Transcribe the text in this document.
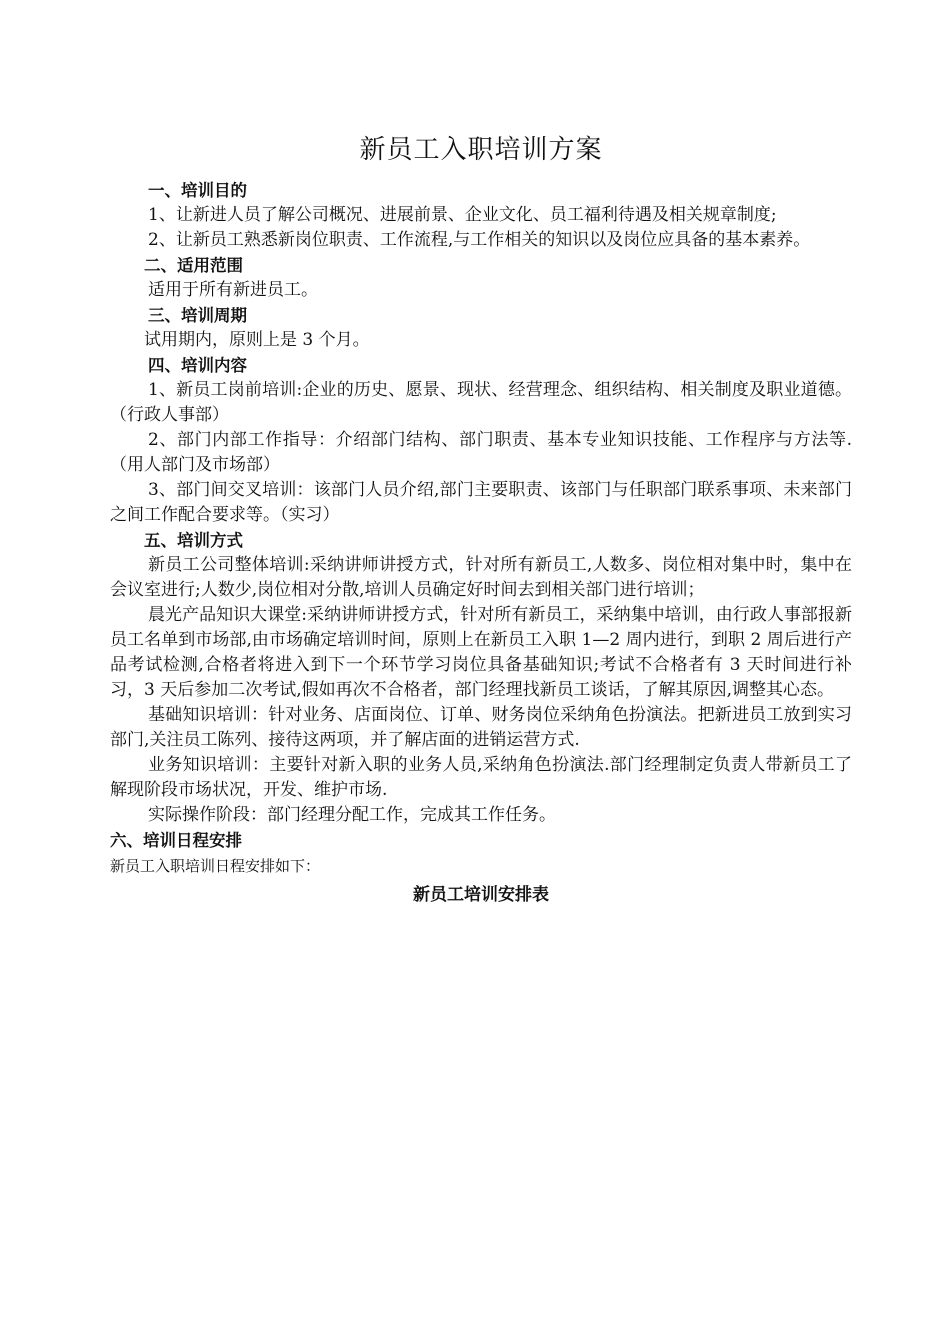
新员工入职培训方案
一、培训目的
1、让新进人员了解公司概况、进展前景、企业文化、员工福利待遇及相关规章制度;
2、让新员工熟悉新岗位职责、工作流程,与工作相关的知识以及岗位应具备的基本素养。
二、适用范围
适用于所有新进员工。
三、培训周期
试用期内，原则上是 3 个月。
四、培训内容
1、新员工岗前培训:企业的历史、愿景、现状、经营理念、组织结构、相关制度及职业道德。（行政人事部）
2、部门内部工作指导：介绍部门结构、部门职责、基本专业知识技能、工作程序与方法等.（用人部门及市场部）
3、部门间交叉培训：该部门人员介绍,部门主要职责、该部门与任职部门联系事项、未来部门之间工作配合要求等。（实习）
五、培训方式
新员工公司整体培训:采纳讲师讲授方式，针对所有新员工,人数多、岗位相对集中时，集中在会议室进行;人数少,岗位相对分散,培训人员确定好时间去到相关部门进行培训；
晨光产品知识大课堂:采纳讲师讲授方式，针对所有新员工，采纳集中培训，由行政人事部报新员工名单到市场部,由市场确定培训时间，原则上在新员工入职 1—2 周内进行，到职 2 周后进行产品考试检测,合格者将进入到下一个环节学习岗位具备基础知识;考试不合格者有 3 天时间进行补习，3 天后参加二次考试,假如再次不合格者，部门经理找新员工谈话，了解其原因,调整其心态。
基础知识培训：针对业务、店面岗位、订单、财务岗位采纳角色扮演法。把新进员工放到实习部门,关注员工陈列、接待这两项，并了解店面的进销运营方式.
业务知识培训：主要针对新入职的业务人员,采纳角色扮演法.部门经理制定负责人带新员工了解现阶段市场状况，开发、维护市场.
实际操作阶段：部门经理分配工作，完成其工作任务。
六、培训日程安排
新员工入职培训日程安排如下：
新员工培训安排表
